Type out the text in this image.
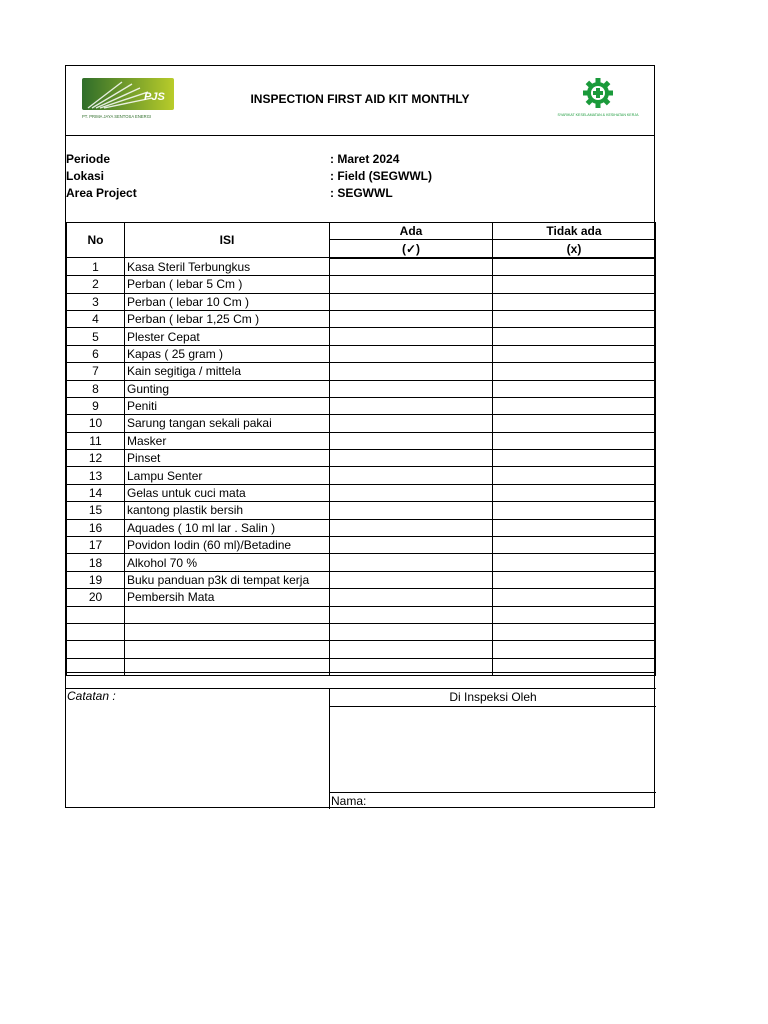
PJS
PT. PRIMA JAYA SENTOSA ENERGI
INSPECTION FIRST AID KIT MONTHLY
SYARIKAT KESELAMATAN & KESIHATAN KERJA
Periode	: Maret 2024
Lokasi	: Field (SEGWWL)
Area Project	: SEGWWL
No	ISI	Ada	Tidak ada
		(✓)	(x)
1	Kasa Steril Terbungkus		
2	Perban ( lebar 5 Cm )		
3	Perban ( lebar 10 Cm )		
4	Perban ( lebar 1,25 Cm )		
5	Plester Cepat		
6	Kapas ( 25 gram )		
7	Kain segitiga / mittela		
8	Gunting		
9	Peniti		
10	Sarung tangan sekali pakai		
11	Masker		
12	Pinset		
13	Lampu Senter		
14	Gelas untuk cuci mata		
15	kantong plastik bersih		
16	Aquades ( 10 ml lar . Salin )		
17	Povidon Iodin (60 ml)/Betadine		
18	Alkohol 70 %		
19	Buku panduan p3k di tempat kerja		
20	Pembersih Mata		

Catatan :	Di Inspeksi Oleh
Nama:
